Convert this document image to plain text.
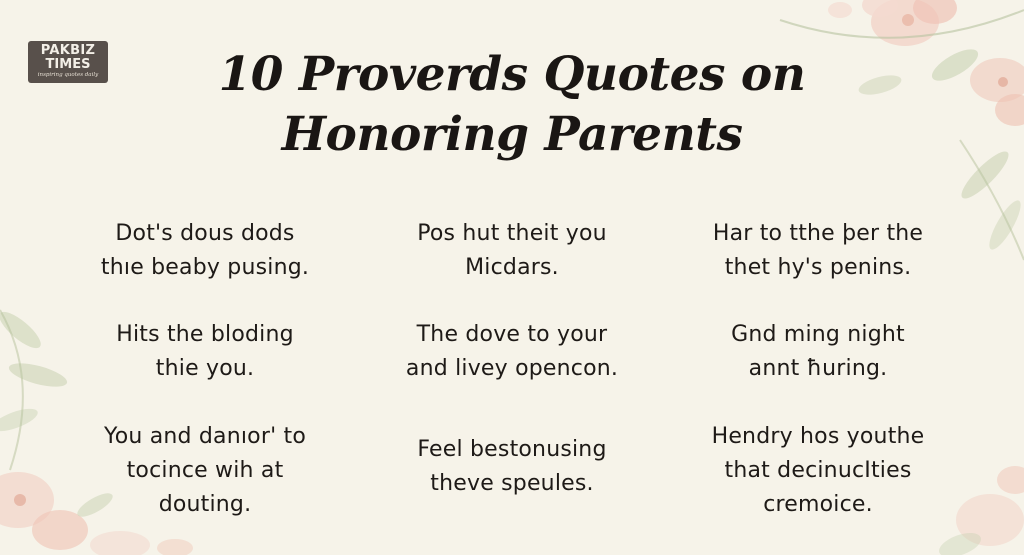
PAKBIZ
TIMES
inspiring quotes daily	10 Proverds Quotes on
Honoring Parents
Dot's dous dods
thıe beaby pusing.
Hits the bloding
thie you.
You and danıor' to
tocince wih at
douting.
Pos hut theit you
Micdars.
The dove to your
and livey opencon.
Feel bestonusing
theve speules.
Har to tthe þer the
thet hy's penins.
Gnd ming night
annt ħuring.
Hendry hos youthe
that decinucIties
cremoice.
